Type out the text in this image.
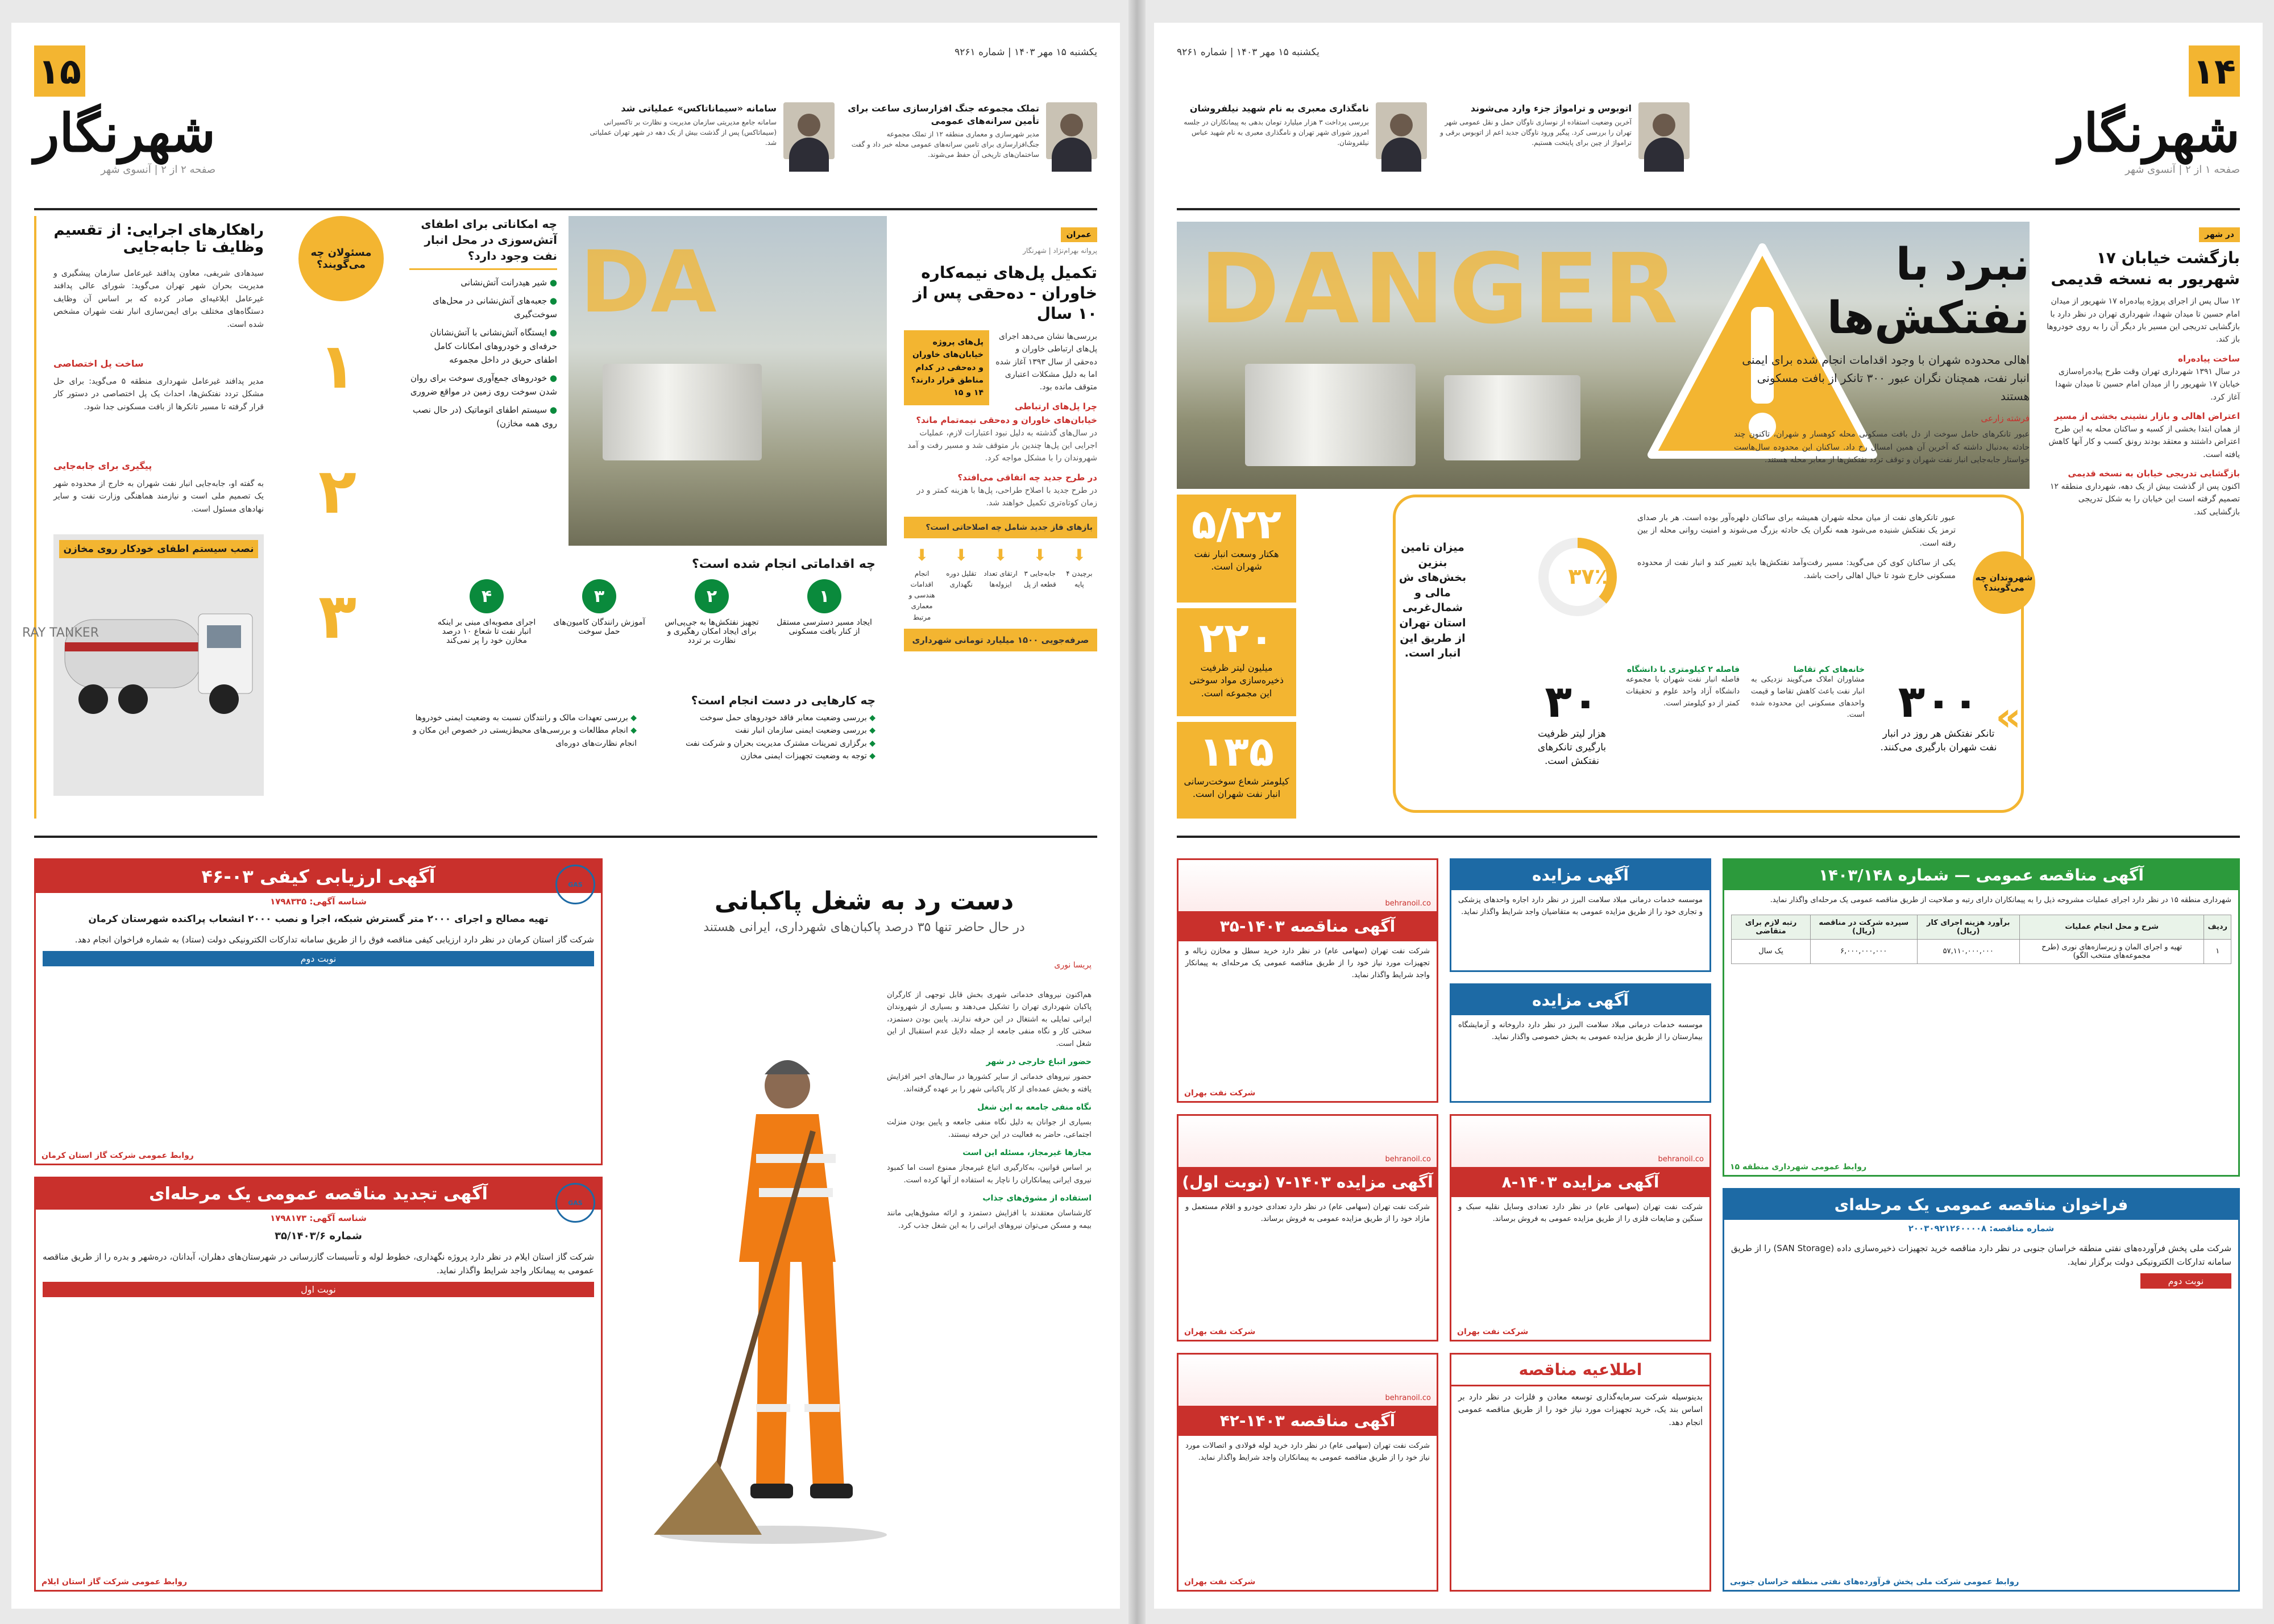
یکشنبه ۱۵ مهر ۱۴۰۳ | شماره ۹۲۶۱
۱۵
شهرنگار
صفحه ۲ از ۲ | آنسوی شهر
تملک مجموعه جنگ افزارسازی ساعت برای تأمین سرانه‌های عمومی

مدیر شهرسازی و معماری منطقه ۱۲ از تملک مجموعه جنگ‌افزارسازی برای تامین سرانه‌های عمومی محله خبر داد و گفت ساختمان‌های تاریخی آن حفظ می‌شوند.

سامانه «سیمانا‌تاکس» عملیاتی شد

سامانه جامع مدیریتی سازمان مدیریت و نظارت بر تاکسیرانی (سیماتاکس) پس از گذشت بیش از یک دهه در شهر تهران عملیاتی شد.

عمران
پروانه بهرام‌نژاد | شهرنگار
تکمیل پل‌های نیمه‌کاره خاوران - ده‌حقی پس از ۱۰ سال
پل‌های پروژه خیابان‌های خاوران و ده‌حقی در کدام مناطق قرار دارند؟ ۱۴ و ۱۵

بررسی‌ها نشان می‌دهد اجرای پل‌های ارتباطی خاوران و ده‌حقی از سال ۱۳۹۳ آغاز شده اما به دلیل مشکلات اعتباری متوقف مانده بود.

چرا پل‌های ارتباطی خیابان‌های خاوران و ده‌حقی نیمه‌تمام ماند؟

در سال‌های گذشته به دلیل نبود اعتبارات لازم، عملیات اجرایی این پل‌ها چندین بار متوقف شد و مسیر رفت و آمد شهروندان را با مشکل مواجه کرد.

در طرح جدید چه اتفاقی می‌افتد؟

در طرح جدید با اصلاح طراحی، پل‌ها با هزینه کمتر و در زمان کوتاه‌تری تکمیل خواهند شد.

بازهای فاز جدید شامل چه اصلاحاتی است؟
⬇
برچیدن ۴ پایه
⬇
جابه‌جایی ۳ قطعه از پل
⬇
ارتقای تعداد ایزوله‌ها
⬇
تقلیل دوره نگهداری
⬇
انجام اقدامات هندسی و معماری مرتبط
صرفه‌جویی ۱۵۰۰ میلیارد تومانی شهرداری
راهکارهای اجرایی: از تقسیم وظایف تا جابه‌جایی
سیدهادی شریفی، معاون پدافند غیرعامل سازمان پیشگیری و مدیریت بحران شهر تهران می‌گوید: شورای عالی پدافند غیرعامل ابلاغیه‌ای صادر کرده که بر اساس آن وظایف دستگاه‌های مختلف برای ایمن‌سازی انبار نفت شهران مشخص شده است.
ساخت پل اختصاصی
مدیر پدافند غیرعامل شهرداری منطقه ۵ می‌گوید: برای حل مشکل تردد نفتکش‌ها، احداث یک پل اختصاصی در دستور کار قرار گرفته تا مسیر تانکرها از بافت مسکونی جدا شود.
پیگیری برای جابه‌جایی
به گفته او، جابه‌جایی انبار نفت شهران به خارج از محدوده شهر یک تصمیم ملی است و نیازمند هماهنگی وزارت نفت و سایر نهادهای مسئول است.
RAY TANKER
نصب سیستم اطفای خودکار روی مخازن
مسئولان چه می‌گویند؟
۱
۲
۳
چه امکاناتی برای اطفای آتش‌سوزی در محل انبار نفت وجود دارد؟
● شیر هیدرانت آتش‌نشانی
● جعبه‌های آتش‌نشانی در محل‌های سوخت‌گیری
● ایستگاه آتش‌نشانی با آتش‌نشانان حرفه‌ای و خودروهای امکانات کامل اطفای حریق در داخل مجموعه
● خودروهای جمع‌آوری سوخت برای روان شدن سوخت روی زمین در مواقع ضروری
● سیستم اطفای اتوماتیک (در حال نصب روی همه مخازن)
چه اقداماتی انجام شده است؟
۱
ایجاد مسیر دسترسی مستقل از کنار بافت مسکونی
۲
تجهیز نفتکش‌ها به جی‌پی‌اس برای ایجاد امکان رهگیری و نظارت بر تردد
۳
آموزش رانندگان کامیون‌های حمل سوخت
۴
اجرای مصوبه‌ای مبنی بر اینکه انبار نفت تا شعاع ۱۰ درصد مخازن خود را پر نمی‌کند
چه کارهایی در دست انجام است؟
◆ بررسی وضعیت معابر فاقد خودروهای حمل سوخت
◆ بررسی وضعیت ایمنی سازمان انبار نفت
◆ برگزاری تمرینات مشترک مدیریت بحران و شرکت نفت
◆ توجه به وضعیت تجهیزات ایمنی مخازن
◆ بررسی تعهدات مالک و رانندگان نسبت به وضعیت ایمنی خودروها
◆ انجام مطالعات و بررسی‌های محیط‌زیستی در خصوص این مکان و انجام نظارت‌های دوره‌ای
DA
آگهی ارزیابی کیفی ۰۳-۴۶	GAS
شناسه آگهی: ۱۷۹۸۳۳۵
تهیه مصالح و اجرای ۲۰۰۰ متر گسترش شبکه، اجرا و نصب ۲۰۰۰ انشعاب پراکنده شهرستان کرمان
شرکت گاز استان کرمان در نظر دارد ارزیابی کیفی مناقصه فوق را از طریق سامانه تدارکات الکترونیکی دولت (ستاد) به شماره فراخوان انجام دهد.
نوبت دوم
روابط عمومی شرکت گاز استان کرمان
آگهی تجدید مناقصه عمومی یک مرحله‌ای	GAS
شناسه آگهی: ۱۷۹۸۱۷۳
شماره ۳۵/۱۴۰۳/۶
شرکت گاز استان ایلام در نظر دارد پروژه نگهداری، خطوط لوله و تأسیسات گازرسانی در شهرستان‌های دهلران، آبدانان، دره‌شهر و بدره را از طریق مناقصه عمومی به پیمانکار واجد شرایط واگذار نماید.
نوبت اول
روابط عمومی شرکت گاز استان ایلام
دست رد به شغل پاکبانی
در حال حاضر تنها ۳۵ درصد پاکبان‌های شهرداری، ایرانی هستند
پریسا نوری

هم‌اکنون نیروهای خدماتی شهری بخش قابل توجهی از کارگران پاکبان شهرداری تهران را تشکیل می‌دهند و بسیاری از شهروندان ایرانی تمایلی به اشتغال در این حرفه ندارند. پایین بودن دستمزد، سختی کار و نگاه منفی جامعه از جمله دلایل عدم استقبال از این شغل است.

حضور اتباع خارجی در شهر

حضور نیروهای خدماتی از سایر کشورها در سال‌های اخیر افزایش یافته و بخش عمده‌ای از کار پاکبانی شهر را بر عهده گرفته‌اند.

نگاه منفی جامعه به این شغل

بسیاری از جوانان به دلیل نگاه منفی جامعه و پایین بودن منزلت اجتماعی، حاضر به فعالیت در این حرفه نیستند.

مجازها غیرمجاز، مسئله این است

بر اساس قوانین، به‌کارگیری اتباع غیرمجاز ممنوع است اما کمبود نیروی ایرانی پیمانکاران را ناچار به استفاده از آنها کرده است.

استفاده از مشوق‌های جذاب

کارشناسان معتقدند با افزایش دستمزد و ارائه مشوق‌هایی مانند بیمه و مسکن می‌توان نیروهای ایرانی را به این شغل جذب کرد.

یکشنبه ۱۵ مهر ۱۴۰۳ | شماره ۹۲۶۱	۱۴
شهرنگار
صفحه ۱ از ۲ | آنسوی شهر
اتوبوس و ترامواژ جزء وارد می‌شوند

آخرین وضعیت استفاده از نوسازی ناوگان حمل و نقل عمومی شهر تهران را بررسی کرد. پیگیر ورود ناوگان جدید اعم از اتوبوس برقی و ترامواژ از چین برای پایتخت هستیم.

نامگذاری معبری به نام شهید نیلفروشان

بررسی پرداخت ۳ هزار میلیارد تومان بدهی به پیمانکاران در جلسه امروز شورای شهر تهران و نامگذاری معبری به نام شهید عباس نیلفروشان.

در شهر
بازگشت خیابان ۱۷ شهریور به نسخه قدیمی

۱۲ سال پس از اجرای پروژه پیاده‌راه ۱۷ شهریور از میدان امام حسین تا میدان شهدا، شهرداری تهران در نظر دارد با بازگشایی تدریجی این مسیر بار دیگر آن را به روی خودروها باز کند.

ساخت پیاده‌راه

در سال ۱۳۹۱ شهرداری تهران وقت طرح پیاده‌راه‌سازی خیابان ۱۷ شهریور را از میدان امام حسین تا میدان شهدا آغاز کرد.

اعتراض اهالی و بازار نشینی بخشی از مسیر

از همان ابتدا بخشی از کسبه و ساکنان محله به این طرح اعتراض داشتند و معتقد بودند رونق کسب و کار آنها کاهش یافته است.

بازگشایی تدریجی خیابان به نسخه قدیمی

اکنون پس از گذشت بیش از یک دهه، شهرداری منطقه ۱۲ تصمیم گرفته است این خیابان را به شکل تدریجی بازگشایی کند.

DANGER	نبرد با نفتکش‌ها
اهالی محدوده شهران با وجود اقدامات انجام شده برای ایمنی انبار نفت، همچنان نگران عبور ۳۰۰ تانکر از بافت مسکونی هستند
فرشته زارعی
عبور تانکرهای حامل سوخت از دل بافت مسکونی محله کوهسار و شهران، تاکنون چند حادثه به‌دنبال داشته که آخرین آن همین امسال رخ داد. ساکنان این محدوده سال‌هاست خواستار جابه‌جایی انبار نفت شهران و توقف تردد نفتکش‌ها از معابر محله هستند.
شهروندان چه می‌گویند؟
عبور تانکرهای نفت از میان محله شهران همیشه برای ساکنان دلهره‌آور بوده است. هر بار صدای ترمز یک نفتکش شنیده می‌شود همه نگران یک حادثه بزرگ می‌شوند و امنیت روانی محله از بین رفته است.
یکی از ساکنان کوی کن می‌گوید: مسیر رفت‌وآمد نفتکش‌ها باید تغییر کند و انبار نفت از محدوده مسکونی خارج شود تا خیال اهالی راحت باشد.
۳۷٪
میزان تامین بنزین بخش‌های ش مالی و شمال‌غربی استان تهران از طریق این انبار است.
۳۰۰
تانکر نفتکش هر روز در انبار نفت شهران بارگیری می‌کنند.
»
۳۰
هزار لیتر ظرفیت بارگیری تانکرهای نفتکش است.
فاصله ۲ کیلومتری با دانشگاه
فاصله انبار نفت شهران با مجموعه دانشگاه آزاد واحد علوم و تحقیقات کمتر از دو کیلومتر است.
خانه‌های کم تقاضا
مشاوران املاک می‌گویند نزدیکی به انبار نفت باعث کاهش تقاضا و قیمت واحدهای مسکونی این محدوده شده است.
۵/۲۲
هکتار وسعت انبار نفت شهران است.
۲۲۰
میلیون لیتر ظرفیت ذخیره‌سازی مواد سوختی این مجموعه است.
۱۳۵
کیلومتر شعاع سوخت‌رسانی انبار نفت شهران است.
behranoil.co
آگهی مناقصه ۱۴۰۳-۳۵
شرکت نفت تهران (سهامی عام) در نظر دارد خرید سطل و مخازن زباله و تجهیزات مورد نیاز خود را از طریق مناقصه عمومی یک مرحله‌ای به پیمانکار واجد شرایط واگذار نماید.
شرکت نفت بهران
behranoil.co
آگهی مزایده ۱۴۰۳-۷ (نوبت اول)
شرکت نفت تهران (سهامی عام) در نظر دارد تعدادی خودرو و اقلام مستعمل و مازاد خود را از طریق مزایده عمومی به فروش برساند.
شرکت نفت بهران
behranoil.co
آگهی مناقصه ۱۴۰۳-۴۲
شرکت نفت تهران (سهامی عام) در نظر دارد خرید لوله فولادی و اتصالات مورد نیاز خود را از طریق مناقصه عمومی به پیمانکاران واجد شرایط واگذار نماید.
شرکت نفت بهران
آگهی مزایده
موسسه خدمات درمانی مبلاد سلامت البرز در نظر دارد اجاره واحدهای پزشکی و تجاری خود را از طریق مزایده عمومی به متقاضیان واجد شرایط واگذار نماید.
آگهی مزایده
موسسه خدمات درمانی مبلاد سلامت البرز در نظر دارد داروخانه و آزمایشگاه بیمارستان را از طریق مزایده عمومی به بخش خصوصی واگذار نماید.
behranoil.co
آگهی مزایده ۱۴۰۳-۸
شرکت نفت تهران (سهامی عام) در نظر دارد تعدادی وسایل نقلیه سبک و سنگین و ضایعات فلزی را از طریق مزایده عمومی به فروش برساند.
شرکت نفت بهران
اطلاعیه مناقصه
بدینوسیله شرکت سرمایه‌گذاری توسعه معادن و فلزات در نظر دارد بر اساس بند یک، خرید تجهیزات مورد نیاز خود را از طریق مناقصه عمومی انجام دهد.
آگهی مناقصه عمومی — شماره ۱۴۰۳/۱۴۸
شهرداری منطقه ۱۵ در نظر دارد اجرای عملیات مشروحه ذیل را به پیمانکاران دارای رتبه و صلاحیت از طریق مناقصه عمومی یک مرحله‌ای واگذار نماید.
ردیف	شرح و محل انجام عملیات	برآورد هزینه اجرای کار (ریال)	سپرده شرکت در مناقصه (ریال)	رتبه لازم برای متقاضی
۱	تهیه و اجرای المان و زیرسازه‌های نوری (طرح مجموعه‌های منتخب الگو)	۵۷,۱۱۰,۰۰۰,۰۰۰	۶,۰۰۰,۰۰۰,۰۰۰	یک سال
روابط عمومی شهرداری منطقه ۱۵
فراخوان مناقصه عمومی یک مرحله‌ای
شماره مناقصه: ۲۰۰۳۰۹۲۱۲۶۰۰۰۰۸
شرکت ملی پخش فرآورده‌های نفتی منطقه خراسان جنوبی در نظر دارد مناقصه خرید تجهیزات ذخیره‌سازی داده (SAN Storage) را از طریق سامانه تدارکات الکترونیکی دولت برگزار نماید.
نوبت دوم
روابط عمومی شرکت ملی پخش فرآورده‌های نفتی منطقه خراسان جنوبی
